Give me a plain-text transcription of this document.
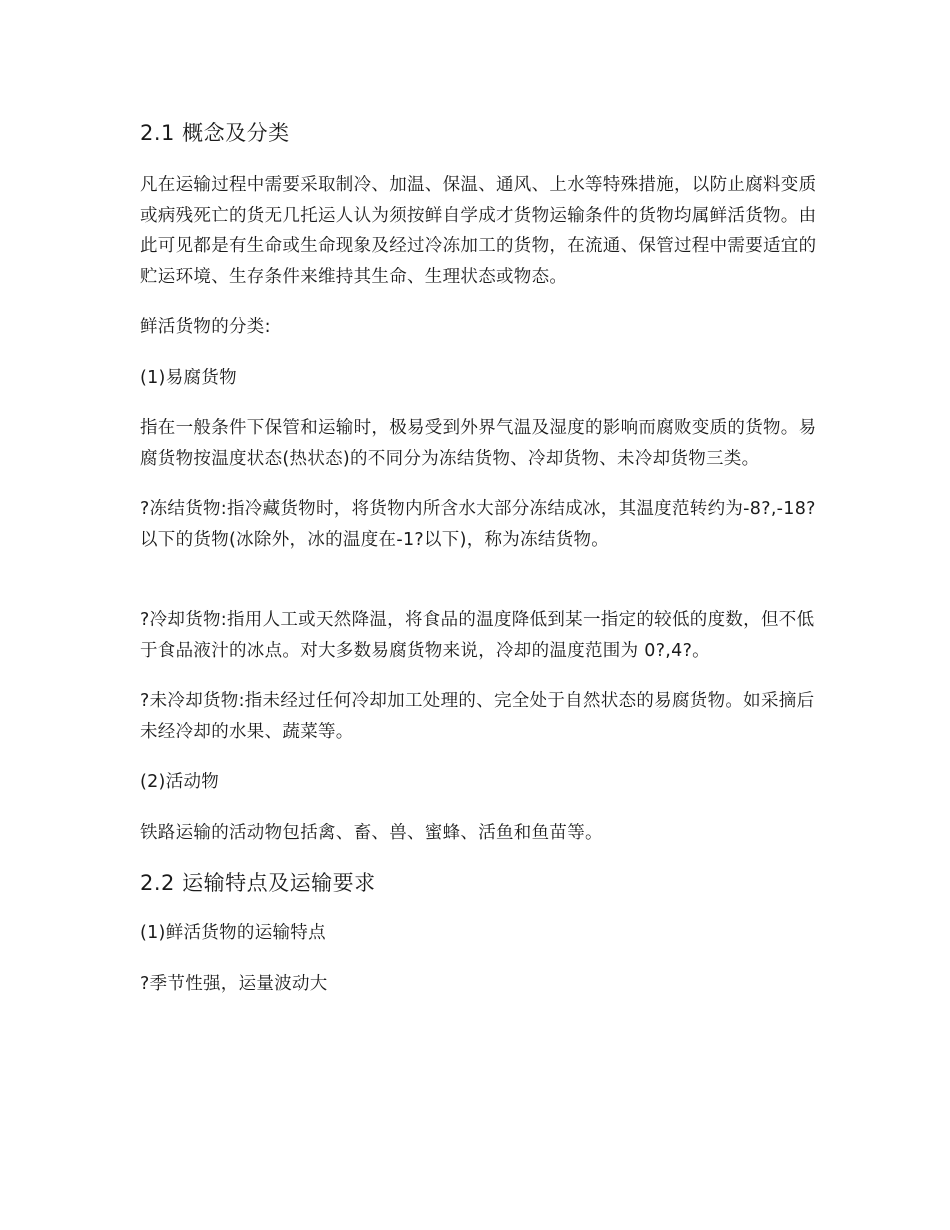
2.1 概念及分类

凡在运输过程中需要采取制冷、加温、保温、通风、上水等特殊措施，以防止腐料变质或病残死亡的货无几托运人认为须按鲜自学成才货物运输条件的货物均属鲜活货物。由此可见都是有生命或生命现象及经过冷冻加工的货物，在流通、保管过程中需要适宜的贮运环境、生存条件来维持其生命、生理状态或物态。

鲜活货物的分类:

(1)易腐货物

指在一般条件下保管和运输时，极易受到外界气温及湿度的影响而腐败变质的货物。易腐货物按温度状态(热状态)的不同分为冻结货物、冷却货物、未冷却货物三类。

?冻结货物:指冷藏货物时，将货物内所含水大部分冻结成冰，其温度范转约为-8?,-18?以下的货物(冰除外，冰的温度在-1?以下)，称为冻结货物。

?冷却货物:指用人工或天然降温，将食品的温度降低到某一指定的较低的度数，但不低于食品液汁的冰点。对大多数易腐货物来说，冷却的温度范围为 0?,4?。

?未冷却货物:指未经过任何冷却加工处理的、完全处于自然状态的易腐货物。如采摘后未经冷却的水果、蔬菜等。

(2)活动物

铁路运输的活动物包括禽、畜、兽、蜜蜂、活鱼和鱼苗等。

2.2 运输特点及运输要求

(1)鲜活货物的运输特点

?季节性强，运量波动大
